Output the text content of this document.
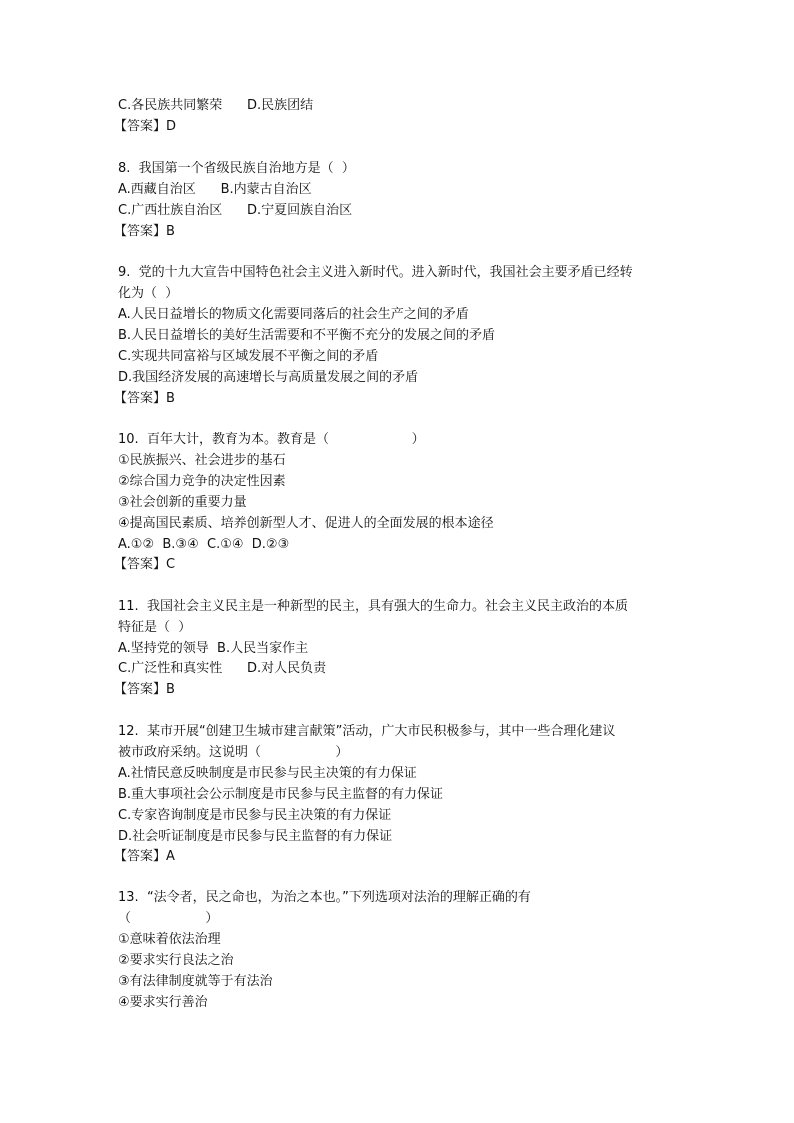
C.各民族共同繁荣      D.民族团结
【答案】D
8.  我国第一个省级民族自治地方是（  ）
A.西藏自治区      B.内蒙古自治区
C.广西壮族自治区      D.宁夏回族自治区
【答案】B
9.  党的十九大宣告中国特色社会主义进入新时代。进入新时代，我国社会主要矛盾已经转
化为（  ）
A.人民日益增长的物质文化需要同落后的社会生产之间的矛盾
B.人民日益增长的美好生活需要和不平衡不充分的发展之间的矛盾
C.实现共同富裕与区域发展不平衡之间的矛盾
D.我国经济发展的高速增长与高质量发展之间的矛盾
【答案】B
10.  百年大计，教育为本。教育是（                    ）
①民族振兴、社会进步的基石
②综合国力竞争的决定性因素
③社会创新的重要力量
④提高国民素质、培养创新型人才、促进人的全面发展的根本途径
A.①②  B.③④  C.①④  D.②③
【答案】C
11.  我国社会主义民主是一种新型的民主，具有强大的生命力。社会主义民主政治的本质
特征是（  ）
A.坚持党的领导  B.人民当家作主
C.广泛性和真实性      D.对人民负责
【答案】B
12.  某市开展“创建卫生城市建言献策”活动，广大市民积极参与，其中一些合理化建议
被市政府采纳。这说明（                  ）
A.社情民意反映制度是市民参与民主决策的有力保证
B.重大事项社会公示制度是市民参与民主监督的有力保证
C.专家咨询制度是市民参与民主决策的有力保证
D.社会听证制度是市民参与民主监督的有力保证
【答案】A
13.  “法令者，民之命也，为治之本也。”下列选项对法治的理解正确的有
（                  ）
①意味着依法治理
②要求实行良法之治
③有法律制度就等于有法治
④要求实行善治
